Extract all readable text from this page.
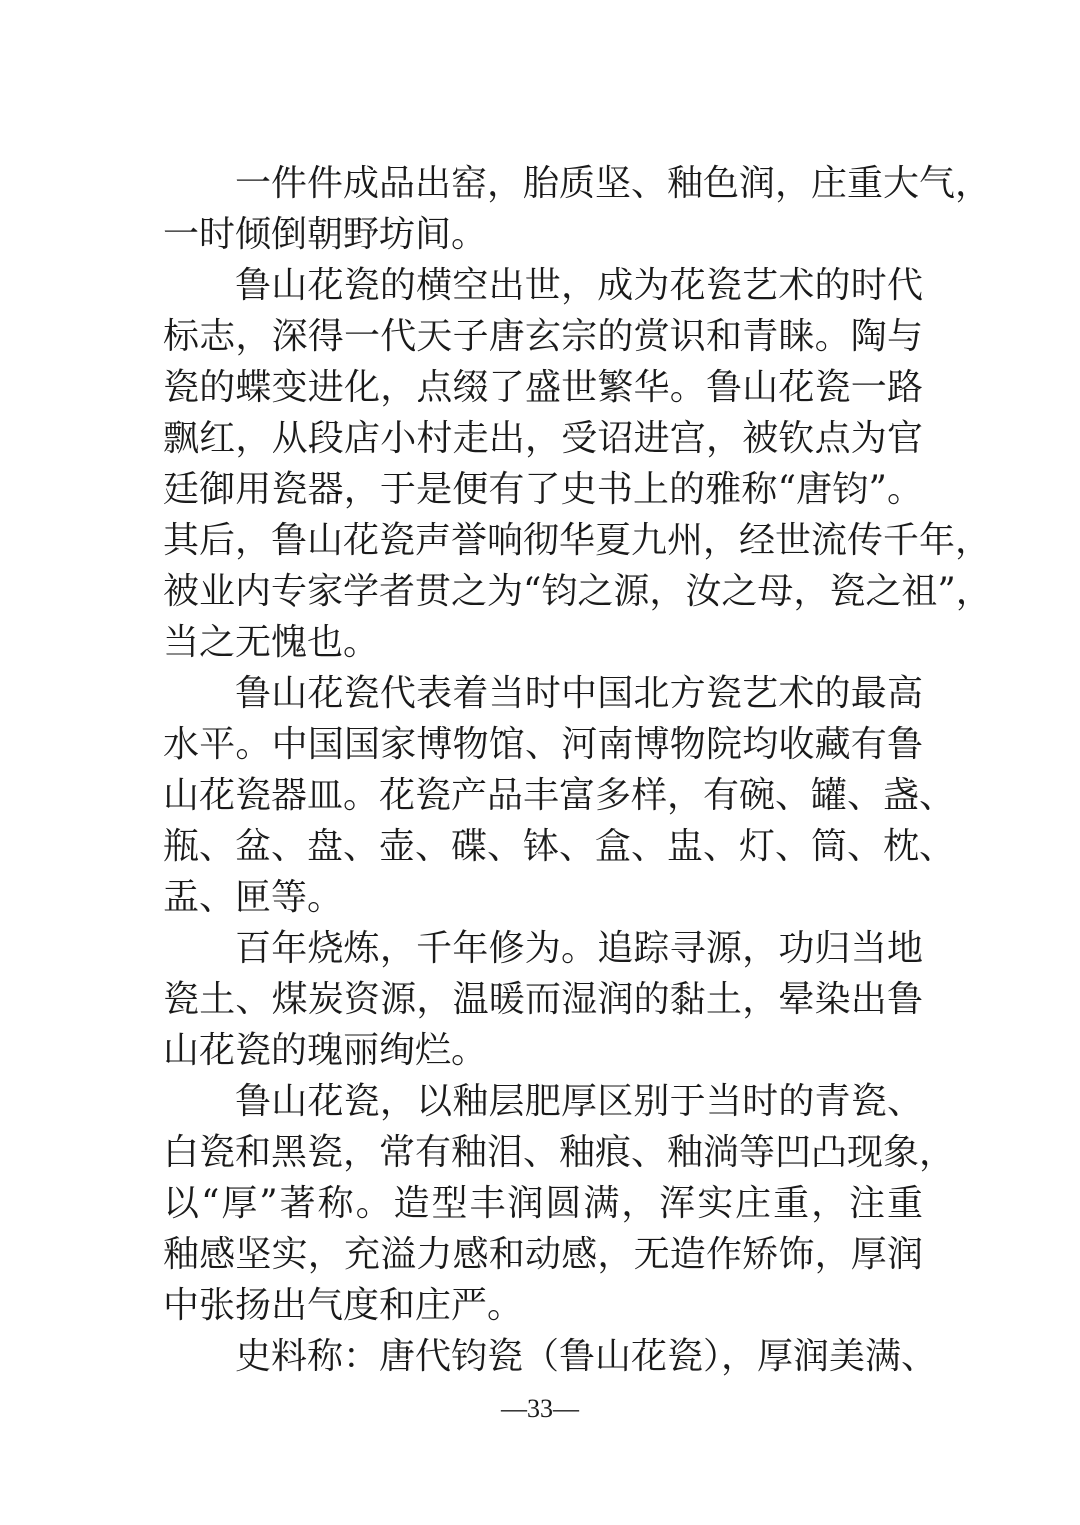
一件件成品出窑，胎质坚、釉色润，庄重大气，
一时倾倒朝野坊间。
鲁山花瓷的横空出世，成为花瓷艺术的时代
标志，深得一代天子唐玄宗的赏识和青睐。陶与
瓷的蝶变进化，点缀了盛世繁华。鲁山花瓷一路
飘红，从段店小村走出，受诏进宫，被钦点为官
廷御用瓷器，于是便有了史书上的雅称“唐钧”。
其后，鲁山花瓷声誉响彻华夏九州，经世流传千年，
被业内专家学者贯之为“钧之源，汝之母，瓷之祖”，
当之无愧也。
鲁山花瓷代表着当时中国北方瓷艺术的最高
水平。中国国家博物馆、河南博物院均收藏有鲁
山花瓷器皿。花瓷产品丰富多样，有碗、罐、盏、
瓶、盆、盘、壶、碟、钵、盒、盅、灯、筒、枕、
盂、匣等。
百年烧炼，千年修为。追踪寻源，功归当地
瓷土、煤炭资源，温暖而湿润的黏土，晕染出鲁
山花瓷的瑰丽绚烂。
鲁山花瓷，以釉层肥厚区别于当时的青瓷、
白瓷和黑瓷，常有釉泪、釉痕、釉淌等凹凸现象，
以“厚”著称。造型丰润圆满，浑实庄重，注重
釉感坚实，充溢力感和动感，无造作矫饰，厚润
中张扬出气度和庄严。
史料称：唐代钧瓷（鲁山花瓷），厚润美满、
—33—
